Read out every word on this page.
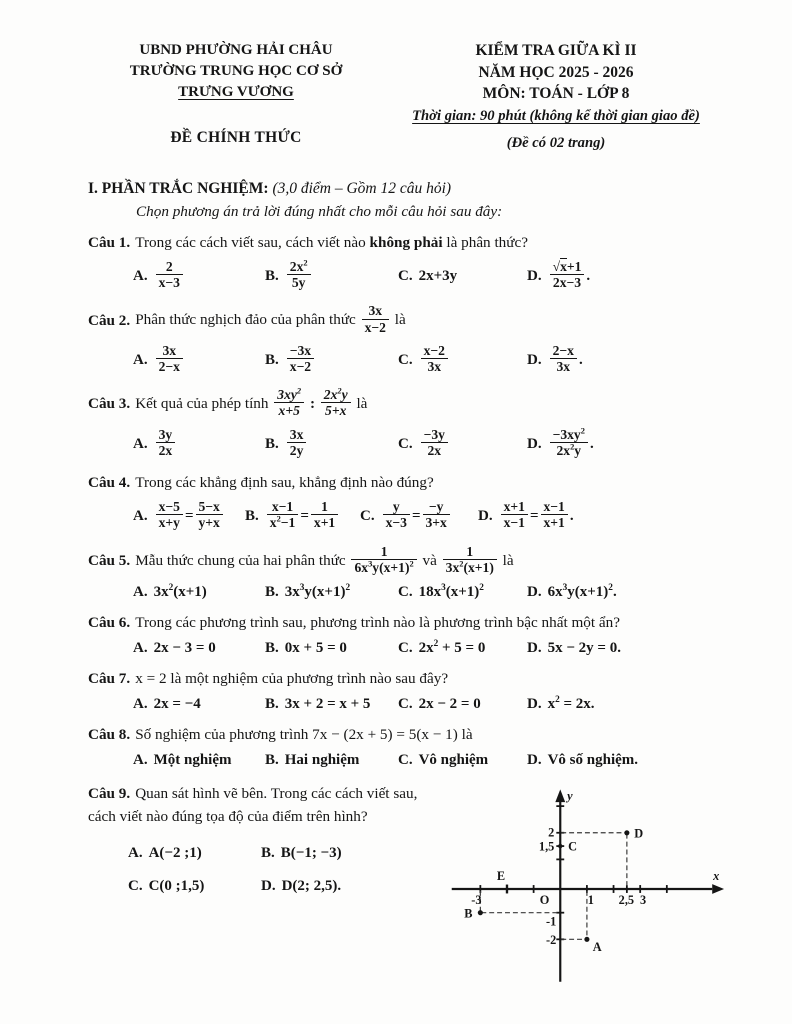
UBND PHƯỜNG HẢI CHÂU
TRƯỜNG TRUNG HỌC CƠ SỞ
TRƯNG VƯƠNG
ĐỀ CHÍNH THỨC
KIỂM TRA GIỮA KÌ II
NĂM HỌC 2025 - 2026
MÔN: TOÁN - LỚP 8
Thời gian: 90 phút (không kể thời gian giao đề)
(Đề có 02 trang)
I. PHẦN TRẮC NGHIỆM: (3,0 điểm – Gồm 12 câu hỏi)
Chọn phương án trả lời đúng nhất cho mỗi câu hỏi sau đây:
Câu 1. Trong các cách viết sau, cách viết nào không phải là phân thức?
A. $\frac{2}{x-3}$	B. $\frac{2x^2}{5y}$	C. 2x+3y	D. √ $\frac{x+1}{2x-3}$ .
Câu 2. Phân thức nghịch đảo của phân thức $\frac{3x}{x-2}$ là
A. $\frac{3x}{2-x}$	B. $\frac{-3x}{x-2}$	C. $\frac{x-2}{3x}$	D. $\frac{2-x}{3x}$ .
Câu 3. Kết quả của phép tính $\frac{3xy^2}{x+5}$ : $\frac{2x^2y}{5+x}$ là
A. $\frac{3y}{2x}$	B. $\frac{3x}{2y}$	C. $\frac{-3y}{2x}$	D. $\frac{-3xy^2}{2x^2y}$ .
Câu 4. Trong các khẳng định sau, khẳng định nào đúng?
A. $\frac{x-5}{x+y} = \frac{5-x}{y+x} B$. $\frac{x-1}{x^2-1} = \frac{1}{x+1} C$. $\frac{y}{x-3} = \frac{-y}{3+x} D$. $\frac{x+1}{x-1} = \frac{x-1}{x+1}$ .
Câu 5. Mẫu thức chung của hai phân thức $\frac{1}{6x^3y(x+1)^2}$ và $\frac{1}{3x^2(x+1)}$ là
A. $3x^2(x+1)$	B. $3x^3y(x+1)^2$	C. $18x^3(x+1)^2$	D. $6x^3y(x+1)^2$.
Câu 6. Trong các phương trình sau, phương trình nào là phương trình bậc nhất một ẩn?
A. 2x − 3 = 0	B. 0x + 5 = 0	C. $2x^2 + 5 = 0$	D. 5x − 2y = 0.
Câu 7. x = 2 là một nghiệm của phương trình nào sau đây?
A. 2x = −4	B. 3x + 2 = x + 5	C. 2x − 2 = 0	D. $x^2 = 2x$.
Câu 8. Số nghiệm của phương trình 7x − (2x + 5) = 5(x − 1) là
A. Một nghiệm	B. Hai nghiệm	C. Vô nghiệm	D. Vô số nghiệm.
Câu 9. Quan sát hình vẽ bên. Trong các cách viết sau, cách viết nào đúng tọa độ của điểm trên hình?
A. A(−2 ;1)	B. B(−1; −3)
C. C(0 ;1,5)	D. D(2; 2,5).
y
x
O
2
1,5 C
E
-3	1 2,5 3
B
-1
-2	A
D
